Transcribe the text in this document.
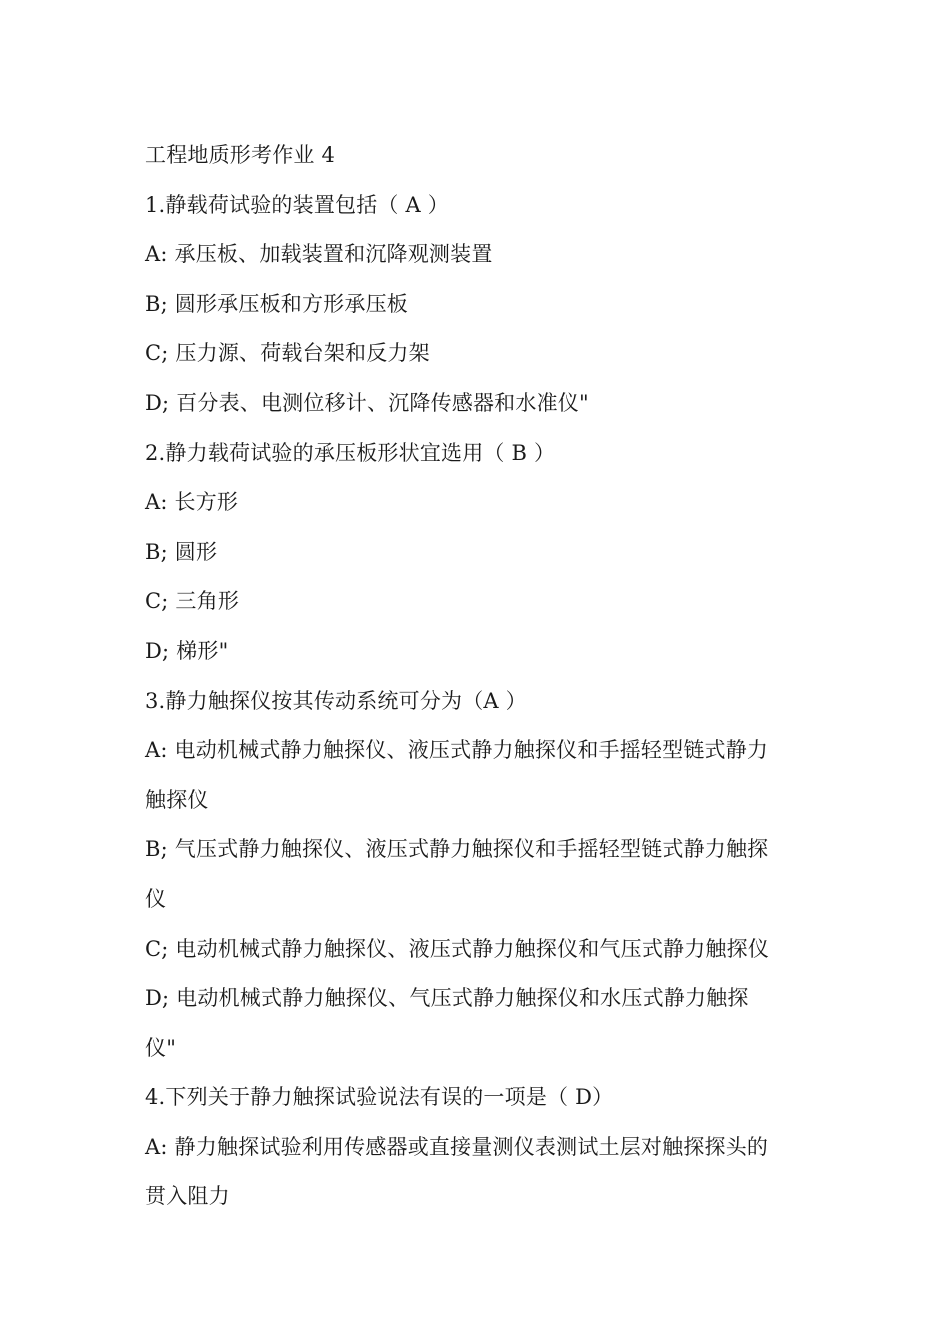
工程地质形考作业 4
1.静载荷试验的装置包括（ A ）
A: 承压板、加载装置和沉降观测装置
B; 圆形承压板和方形承压板
C; 压力源、荷载台架和反力架
D; 百分表、电测位移计、沉降传感器和水准仪"
2.静力载荷试验的承压板形状宜选用（ B ）
A: 长方形
B; 圆形
C; 三角形
D; 梯形"
3.静力触探仪按其传动系统可分为（A ）
A: 电动机械式静力触探仪、液压式静力触探仪和手摇轻型链式静力
触探仪
B; 气压式静力触探仪、液压式静力触探仪和手摇轻型链式静力触探
仪
C; 电动机械式静力触探仪、液压式静力触探仪和气压式静力触探仪
D; 电动机械式静力触探仪、气压式静力触探仪和水压式静力触探
仪"
4.下列关于静力触探试验说法有误的一项是（ D）
A: 静力触探试验利用传感器或直接量测仪表测试土层对触探探头的
贯入阻力
